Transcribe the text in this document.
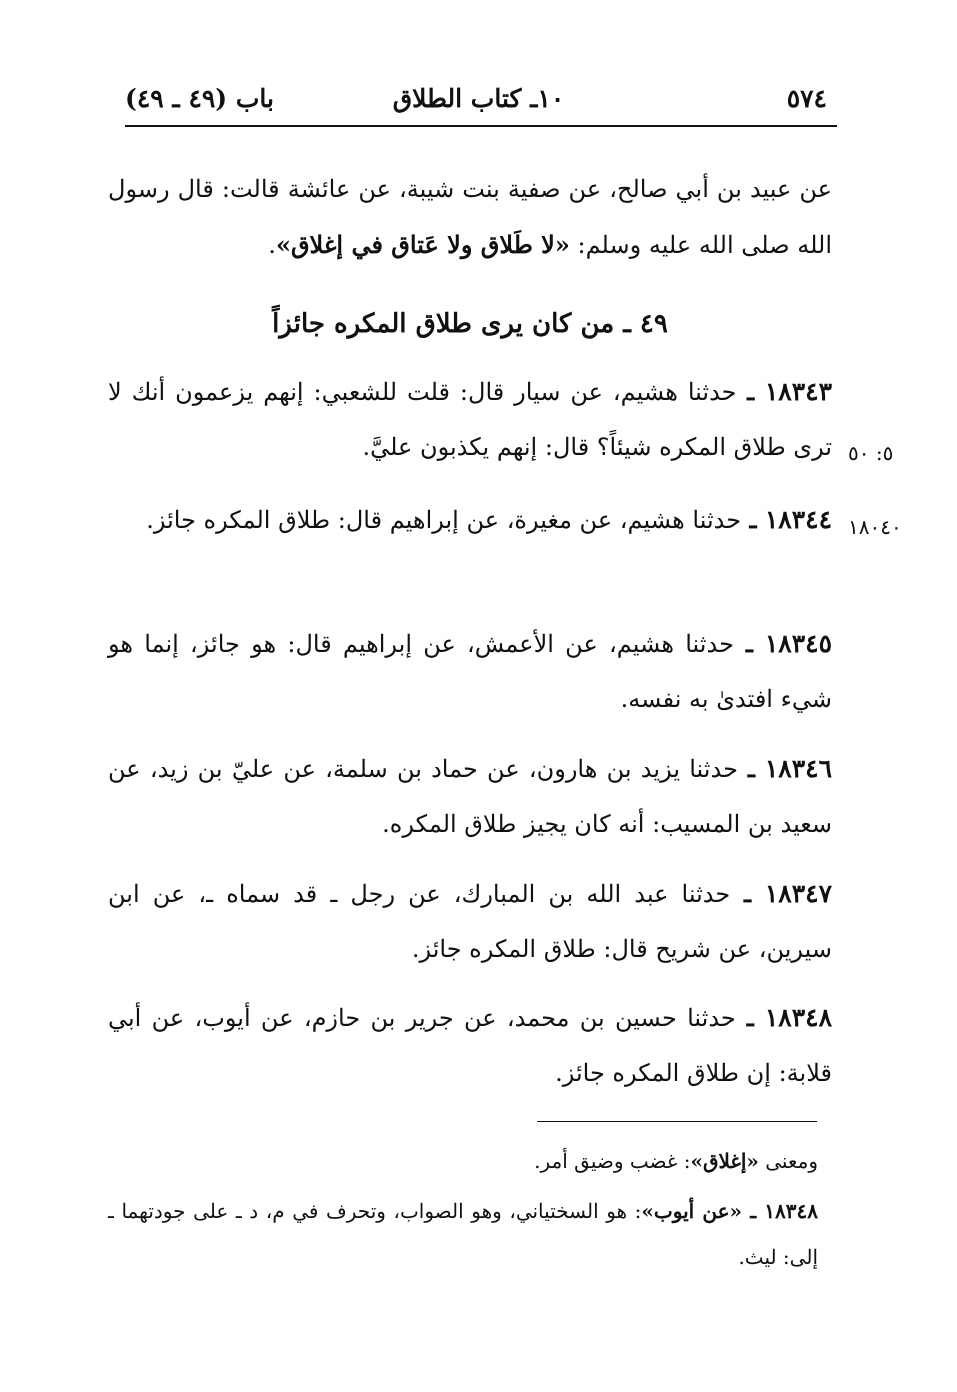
٥٧٤
١٠ـ كتاب الطلاق
باب (٤٩ ـ ٤٩)

عن عبيد بن أبي صالح، عن صفية بنت شيبة، عن عائشة قالت: قال رسول الله صلى الله عليه وسلم: «لا طَلاق ولا عَتاق في إغلاق».

٤٩ ـ من كان يرى طلاق المكره جائزاً

١٨٣٤٣ ـ حدثنا هشيم، عن سيار قال: قلت للشعبي: إنهم يزعمون أنك لا ترى طلاق المكره شيئاً؟ قال: إنهم يكذبون عليَّ. ٥: ٥٠

١٨٣٤٤ ـ حدثنا هشيم، عن مغيرة، عن إبراهيم قال: طلاق المكره جائز.	١٨٠٤٠

١٨٣٤٥ ـ حدثنا هشيم، عن الأعمش، عن إبراهيم قال: هو جائز، إنما هو شيء افتدىٰ به نفسه.

١٨٣٤٦ ـ حدثنا يزيد بن هارون، عن حماد بن سلمة، عن عليّ بن زيد، عن سعيد بن المسيب: أنه كان يجيز طلاق المكره.

١٨٣٤٧ ـ حدثنا عبد الله بن المبارك، عن رجل ـ قد سماه ـ، عن ابن سيرين، عن شريح قال: طلاق المكره جائز.

١٨٣٤٨ ـ حدثنا حسين بن محمد، عن جرير بن حازم، عن أيوب، عن أبي قلابة: إن طلاق المكره جائز.

ومعنى «إغلاق»: غضب وضيق أمر.

١٨٣٤٨ ـ «عن أيوب»: هو السختياني، وهو الصواب، وتحرف في م، د ـ على جودتهما ـ إلى: ليث.
